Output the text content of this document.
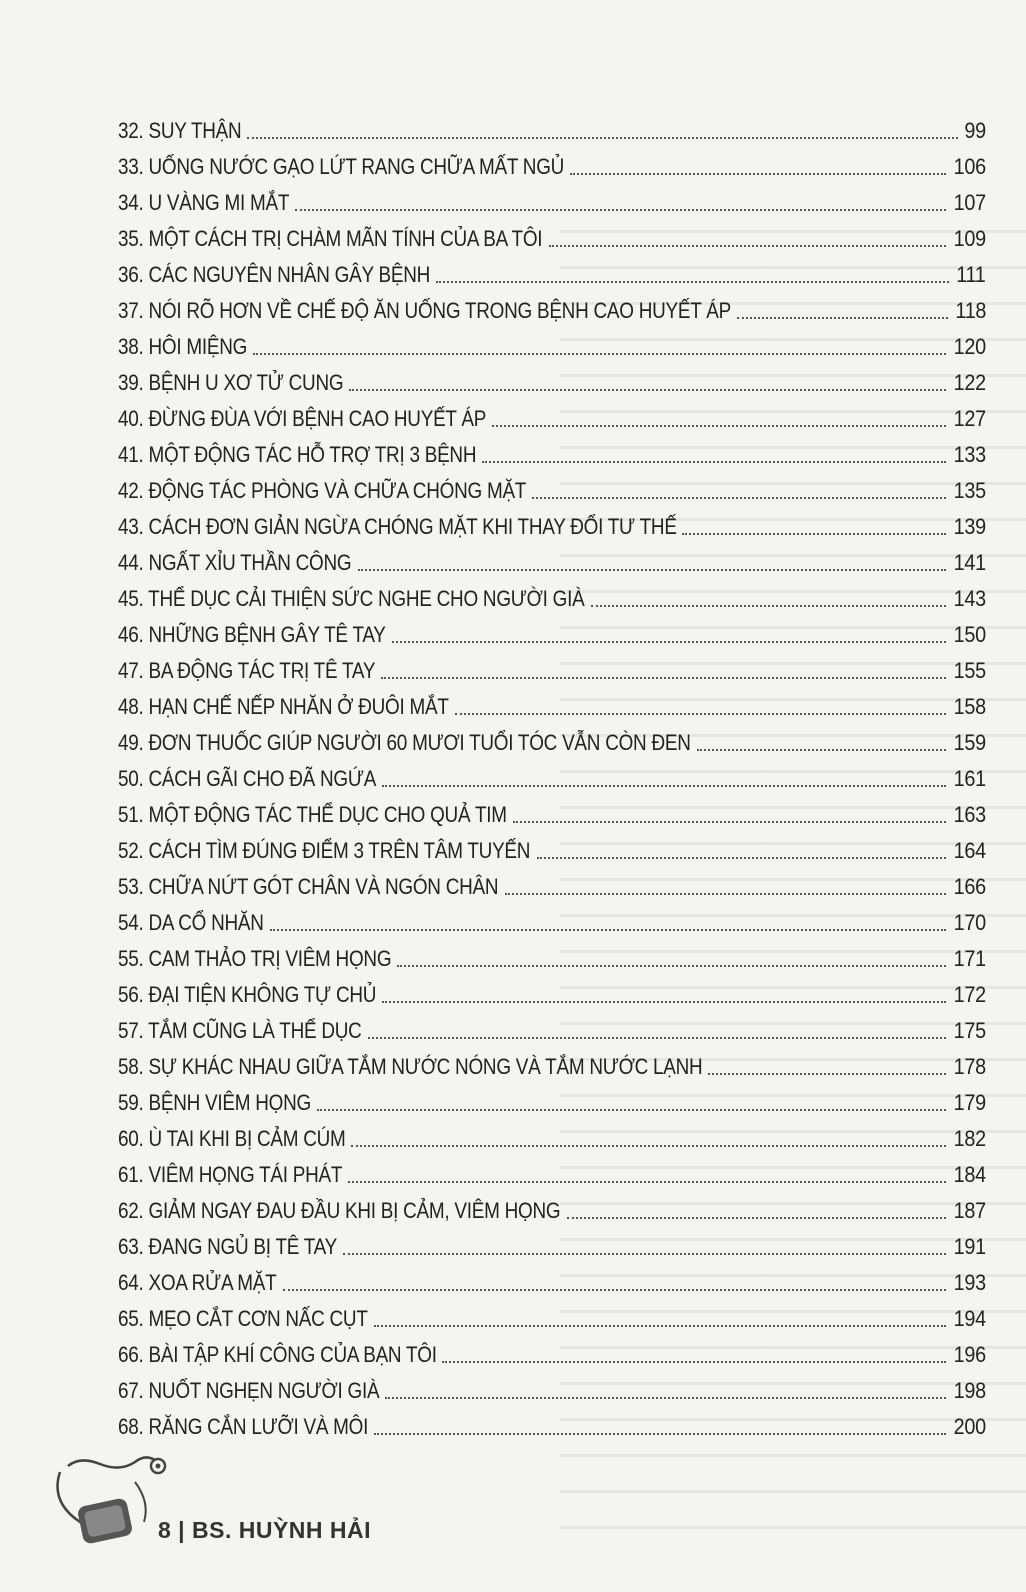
32. SUY THẬN	99
33. UỐNG NƯỚC GẠO LỨT RANG CHỮA MẤT NGỦ	106
34. U VÀNG MI MẮT	107
35. MỘT CÁCH TRỊ CHÀM MÃN TÍNH CỦA BA TÔI	109
36. CÁC NGUYÊN NHÂN GÂY BỆNH	111
37. NÓI RÕ HƠN VỀ CHẾ ĐỘ ĂN UỐNG TRONG BỆNH CAO HUYẾT ÁP	118
38. HÔI MIỆNG	120
39. BỆNH U XƠ TỬ CUNG	122
40. ĐỪNG ĐÙA VỚI BỆNH CAO HUYẾT ÁP	127
41. MỘT ĐỘNG TÁC HỖ TRỢ TRỊ 3 BỆNH	133
42. ĐỘNG TÁC PHÒNG VÀ CHỮA CHÓNG MẶT	135
43. CÁCH ĐƠN GIẢN NGỪA CHÓNG MẶT KHI THAY ĐỔI TƯ THẾ	139
44. NGẤT XỈU THẦN CÔNG	141
45. THỂ DỤC CẢI THIỆN SỨC NGHE CHO NGƯỜI GIÀ	143
46. NHỮNG BỆNH GÂY TÊ TAY	150
47. BA ĐỘNG TÁC TRỊ TÊ TAY	155
48. HẠN CHẾ NẾP NHĂN Ở ĐUÔI MẮT	158
49. ĐƠN THUỐC GIÚP NGƯỜI 60 MƯƠI TUỔI TÓC VẪN CÒN ĐEN	159
50. CÁCH GÃI CHO ĐÃ NGỨA	161
51. MỘT ĐỘNG TÁC THỂ DỤC CHO QUẢ TIM	163
52. CÁCH TÌM ĐÚNG ĐIỂM 3 TRÊN TÂM TUYẾN	164
53. CHỮA NỨT GÓT CHÂN VÀ NGÓN CHÂN	166
54. DA CỔ NHĂN	170
55. CAM THẢO TRỊ VIÊM HỌNG	171
56. ĐẠI TIỆN KHÔNG TỰ CHỦ	172
57. TẮM CŨNG LÀ THỂ DỤC	175
58. SỰ KHÁC NHAU GIỮA TẮM NƯỚC NÓNG VÀ TẮM NƯỚC LẠNH	178
59. BỆNH VIÊM HỌNG	179
60. Ù TAI KHI BỊ CẢM CÚM	182
61. VIÊM HỌNG TÁI PHÁT	184
62. GIẢM NGAY ĐAU ĐẦU KHI BỊ CẢM, VIÊM HỌNG	187
63. ĐANG NGỦ BỊ TÊ TAY	191
64. XOA RỬA MẶT	193
65. MẸO CẮT CƠN NẤC CỤT	194
66. BÀI TẬP KHÍ CÔNG CỦA BẠN TÔI	196
67. NUỐT NGHẸN NGƯỜI GIÀ	198
68. RĂNG CẮN LƯỠI VÀ MÔI	200
8 | BS. HUỲNH HẢI
